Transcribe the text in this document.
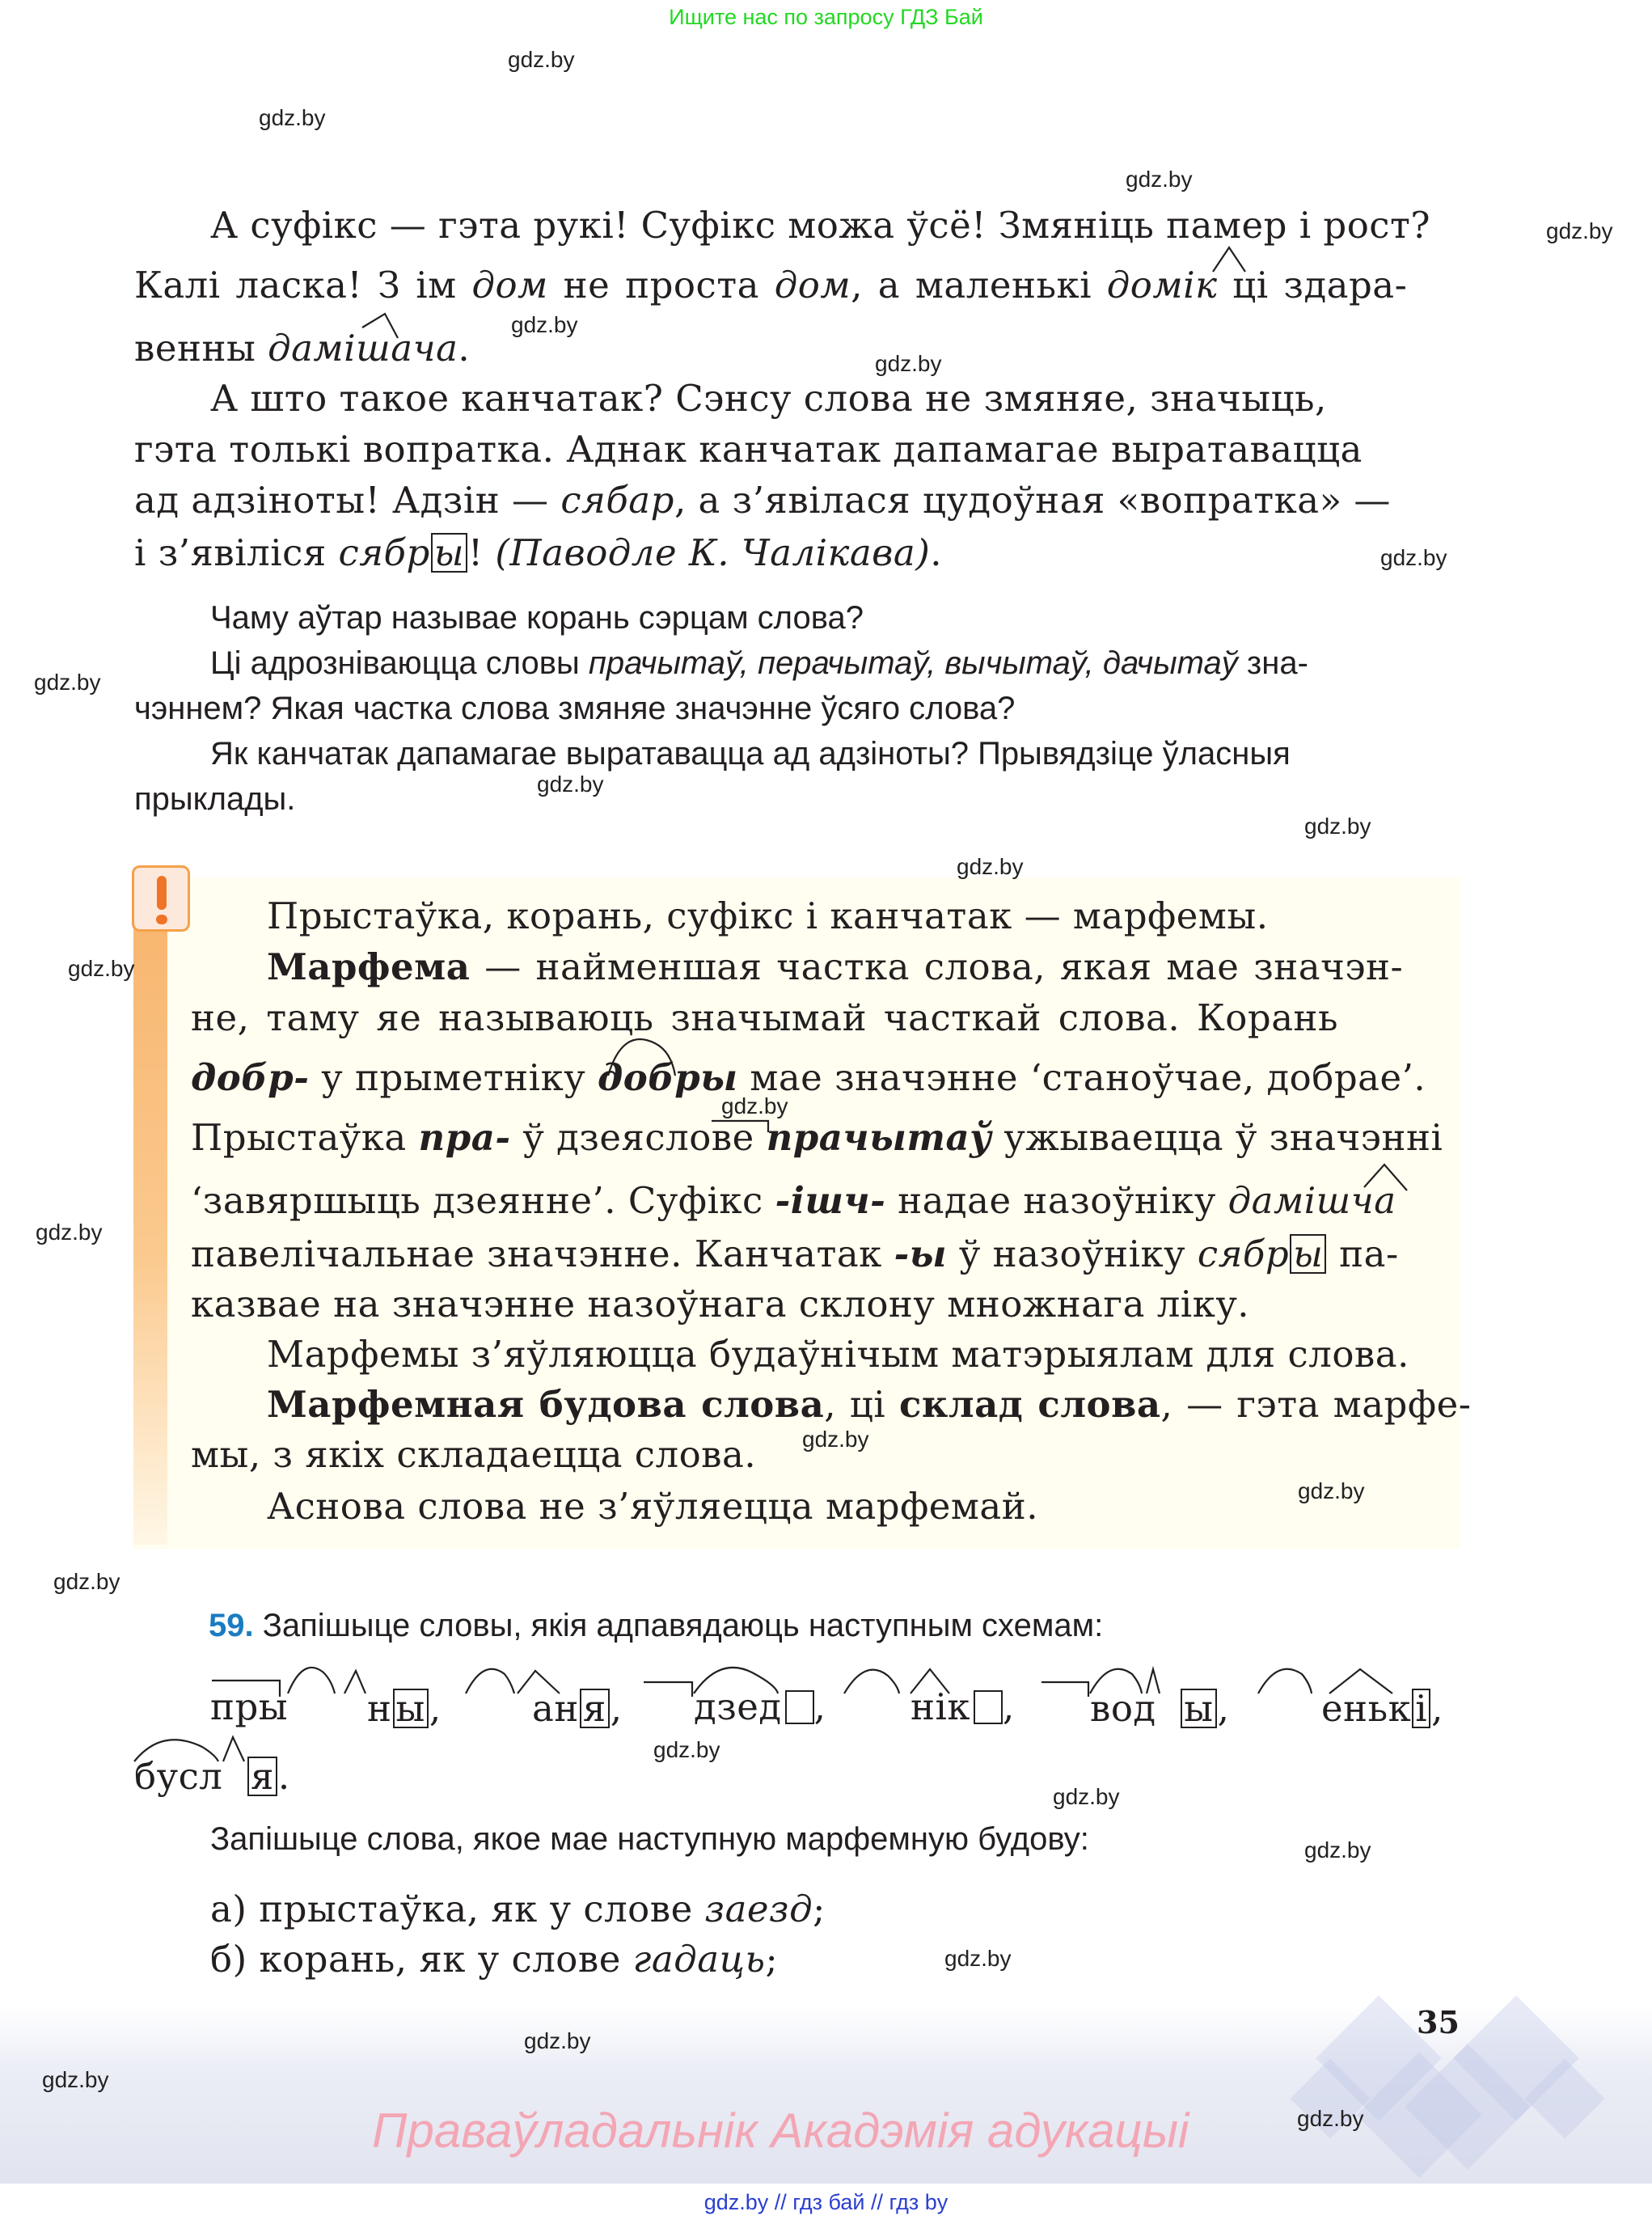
Ищите нас по запросу ГДЗ Бай
gdz.by
gdz.by
gdz.by
gdz.by
gdz.by
gdz.by
gdz.by
gdz.by
gdz.by
gdz.by
gdz.by
gdz.by
gdz.by
gdz.by
gdz.by
gdz.by
gdz.by
gdz.by
gdz.by
gdz.by
gdz.by
gdz.by
gdz.by
gdz.by
А суфікс — гэта рукі! Суфікс можа ўсё! Змяніць памер і рост?
Калі ласка! З ім дом не проста дом, а маленькі домік ці здара-
венны дамішача.
А што такое канчатак? Сэнсу слова не змяняе, значыць,
гэта толькі вопратка. Аднак канчатак дапамагае выратавацца
ад адзіноты! Адзін — сябар, а з’явілася цудоўная «вопратка» —
і з’явіліся сябр ы ! (Паводле К. Чалікава).
Чаму аўтар называе корань сэрцам слова?
Ці адрозніваюцца словы прачытаў, перачытаў, вычытаў, дачытаў зна-
чэннем? Якая частка слова змяняе значэнне ўсяго слова?
Як канчатак дапамагае выратавацца ад адзіноты? Прывядзіце ўласныя
прыклады.
Прыстаўка, корань, суфікс і канчатак — марфемы.
Марфема — найменшая частка слова, якая мае значэн-
не, таму яе называюць значымай часткай слова. Корань
добр- у прыметніку добры мае значэнне ‘станоўчае, добрае’.
Прыстаўка пра- ў дзеяслове прачытаў ужываецца ў значэнні
‘завяршыць дзеянне’. Суфікс -ішч- надае назоўніку дамішча
павелічальнае значэнне. Канчатак -ы ў назоўніку сябр ы па-
казвае на значэнне назоўнага склону множнага ліку.
Марфемы з’яўляюцца будаўнічым матэрыялам для слова.
Марфемная будова слова, ці склад слова, — гэта марфе-
мы, з якіх складаецца слова.
Аснова слова не з’яўляецца марфемай.
59. Запішыце словы, якія адпавядаюць наступным схемам:
пры н ы , ан я , дзед , нік , вод ы ,	еньк і ,
бусл я .
Запішыце слова, якое мае наступную марфемную будову:
а) прыстаўка, як у слове заезд;
б) корань, як у слове гадаць;
35
Праваўладальнік Акадэмія адукацыі
gdz.by // гдз бай // гдз by
